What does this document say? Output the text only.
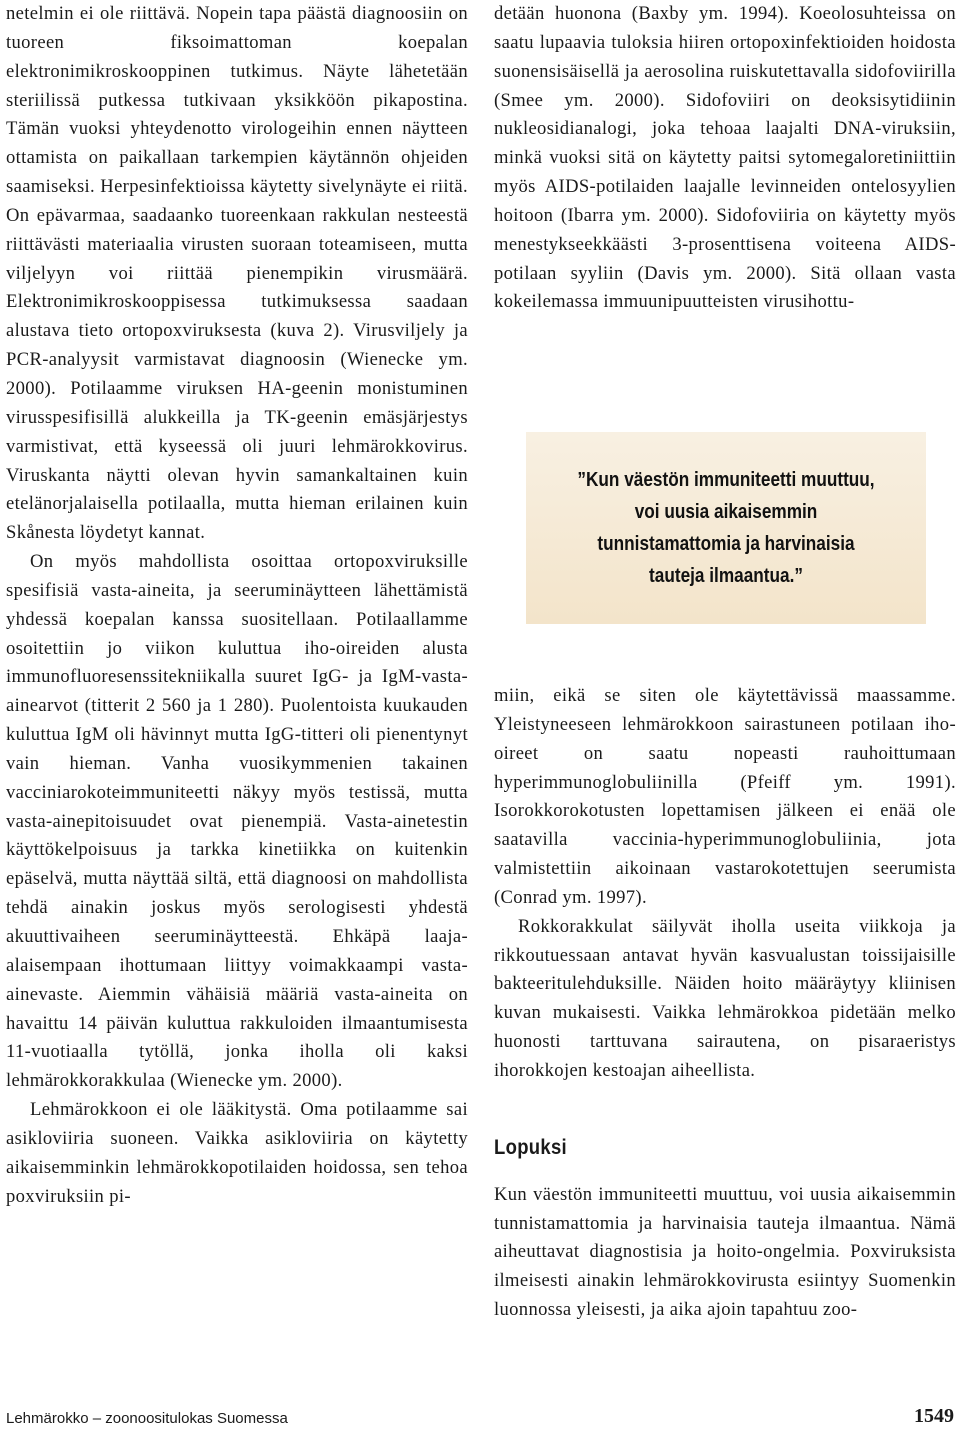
netelmin ei ole riittävä. Nopein tapa päästä diagnoosiin on tuoreen fiksoimattoman koepalan elektronimikroskooppinen tutkimus. Näyte lähetetään steriilissä putkessa tutkivaan yksikköön pikapostina. Tämän vuoksi yhteydenotto virologeihin ennen näytteen ottamista on paikallaan tarkempien käytännön ohjeiden saamiseksi. Herpesinfektioissa käytetty sivelynäyte ei riitä. On epävarmaa, saadaanko tuoreenkaan rakkulan nesteestä riittävästi materiaalia virusten suoraan toteamiseen, mutta viljelyyn voi riittää pienempikin virusmäärä. Elektronimikroskooppisessa tutkimuksessa saadaan alustava tieto ortopoxviruksesta (kuva 2). Virusviljely ja PCR-analyysit varmistavat diagnoosin (Wienecke ym. 2000). Potilaamme viruksen HA-geenin monistuminen virusspesifisillä alukkeilla ja TK-geenin emäsjärjestys varmistivat, että kyseessä oli juuri lehmärokkovirus. Viruskanta näytti olevan hyvin samankaltainen kuin etelänorjalaisella potilaalla, mutta hieman erilainen kuin Skånesta löydetyt kannat.

On myös mahdollista osoittaa ortopoxviruksille spesifisiä vasta-aineita, ja seeruminäytteen lähettämistä yhdessä koepalan kanssa suositellaan. Potilaallamme osoitettiin jo viikon kuluttua iho-oireiden alusta immunofluoresenssitekniikalla suuret IgG- ja IgM-vasta-ainearvot (titterit 2 560 ja 1 280). Puolentoista kuukauden kuluttua IgM oli hävinnyt mutta IgG-titteri oli pienentynyt vain hieman. Vanha vuosikymmenien takainen vacciniarokoteimmuniteetti näkyy myös testissä, mutta vasta-ainepitoisuudet ovat pienempiä. Vasta-ainetestin käyttökelpoisuus ja tarkka kinetiikka on kuitenkin epäselvä, mutta näyttää siltä, että diagnoosi on mahdollista tehdä ainakin joskus myös serologisesti yhdestä akuuttivaiheen seeruminäytteestä. Ehkäpä laaja-alaisempaan ihottumaan liittyy voimakkaampi vasta-ainevaste. Aiemmin vähäisiä määriä vasta-aineita on havaittu 14 päivän kuluttua rakkuloiden ilmaantumisesta 11-vuotiaalla tytöllä, jonka iholla oli kaksi lehmärokkorakkulaa (Wienecke ym. 2000).

Lehmärokkoon ei ole lääkitystä. Oma potilaamme sai asikloviiria suoneen. Vaikka asikloviiria on käytetty aikaisemminkin lehmärokkopotilaiden hoidossa, sen tehoa poxviruksiin pi-

detään huonona (Baxby ym. 1994). Koeolosuhteissa on saatu lupaavia tuloksia hiiren ortopoxinfektioiden hoidosta suonensisäisellä ja aerosolina ruiskutettavalla sidofoviirilla (Smee ym. 2000). Sidofoviiri on deoksisytidiinin nukleosidianalogi, joka tehoaa laajalti DNA-viruksiin, minkä vuoksi sitä on käytetty paitsi sytomegaloretiniittiin myös AIDS-potilaiden laajalle levinneiden ontelosyylien hoitoon (Ibarra ym. 2000). Sidofoviiria on käytetty myös menestykseekkäästi 3-prosenttisena voiteena AIDS-potilaan syyliin (Davis ym. 2000). Sitä ollaan vasta kokeilemassa immuunipuutteisten virusihottu-

”Kun väestön immuniteetti muuttuu, voi uusia aikaisemmin tunnistamattomia ja harvinaisia tauteja ilmaantua.”

miin, eikä se siten ole käytettävissä maassamme. Yleistyneeseen lehmärokkoon sairastuneen potilaan iho-oireet on saatu nopeasti rauhoittumaan hyperimmunoglobuliinilla (Pfeiff ym. 1991). Isorokkorokotusten lopettamisen jälkeen ei enää ole saatavilla vaccinia-hyperimmunoglobuliinia, jota valmistettiin aikoinaan vastarokotettujen seerumista (Conrad ym. 1997).

Rokkorakkulat säilyvät iholla useita viikkoja ja rikkoutuessaan antavat hyvän kasvualustan toissijaisille bakteeritulehduksille. Näiden hoito määräytyy kliinisen kuvan mukaisesti. Vaikka lehmärokkoa pidetään melko huonosti tarttuvana sairautena, on pisaraeristys ihorokkojen kestoajan aiheellista.

Lopuksi

Kun väestön immuniteetti muuttuu, voi uusia aikaisemmin tunnistamattomia ja harvinaisia tauteja ilmaantua. Nämä aiheuttavat diagnostisia ja hoito-ongelmia. Poxviruksista ilmeisesti ainakin lehmärokkovirusta esiintyy Suomenkin luonnossa yleisesti, ja aika ajoin tapahtuu zoo-

Lehmärokko – zoonoositulokas Suomessa	1549
